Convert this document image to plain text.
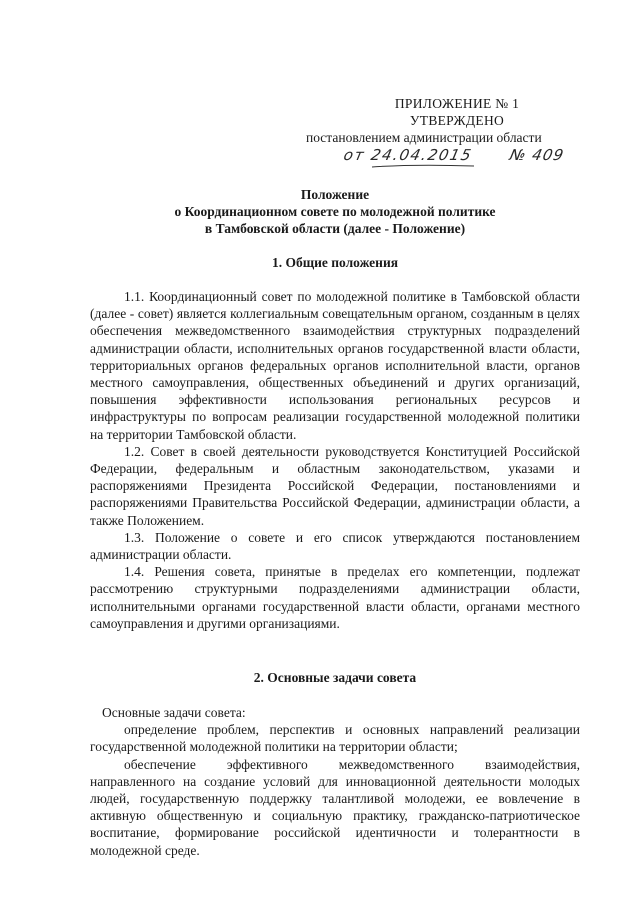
ПРИЛОЖЕНИЕ № 1
УТВЕРЖДЕНО
постановлением администрации области
от 24.04.2015 № 409
Положение
о Координационном совете по молодежной политике
в Тамбовской области (далее - Положение)
1. Общие положения

1.1. Координационный совет по молодежной политике в Тамбовской области (далее - совет) является коллегиальным совещательным органом, созданным в целях обеспечения межведомственного взаимодействия структурных подразделений администрации области, исполнительных органов государственной власти области, территориальных органов федеральных органов исполнительной власти, органов местного самоуправления, общественных объединений и других организаций, повышения эффективности использования региональных ресурсов и инфраструктуры по вопросам реализации государственной молодежной политики на территории Тамбовской области.

1.2. Совет в своей деятельности руководствуется Конституцией Российской Федерации, федеральным и областным законодательством, указами и распоряжениями Президента Российской Федерации, постановлениями и распоряжениями Правительства Российской Федерации, администрации области, а также Положением.

1.3. Положение о совете и его список утверждаются постановлением администрации области.

1.4. Решения совета, принятые в пределах его компетенции, подлежат рассмотрению структурными подразделениями администрации области, исполнительными органами государственной власти области, органами местного самоуправления и другими организациями.

2. Основные задачи совета

Основные задачи совета:

определение проблем, перспектив и основных направлений реализации государственной молодежной политики на территории области;

обеспечение эффективного межведомственного взаимодействия, направленного на создание условий для инновационной деятельности молодых людей, государственную поддержку талантливой молодежи, ее вовлечение в активную общественную и социальную практику, гражданско-патриотическое воспитание, формирование российской идентичности и толерантности в молодежной среде.
